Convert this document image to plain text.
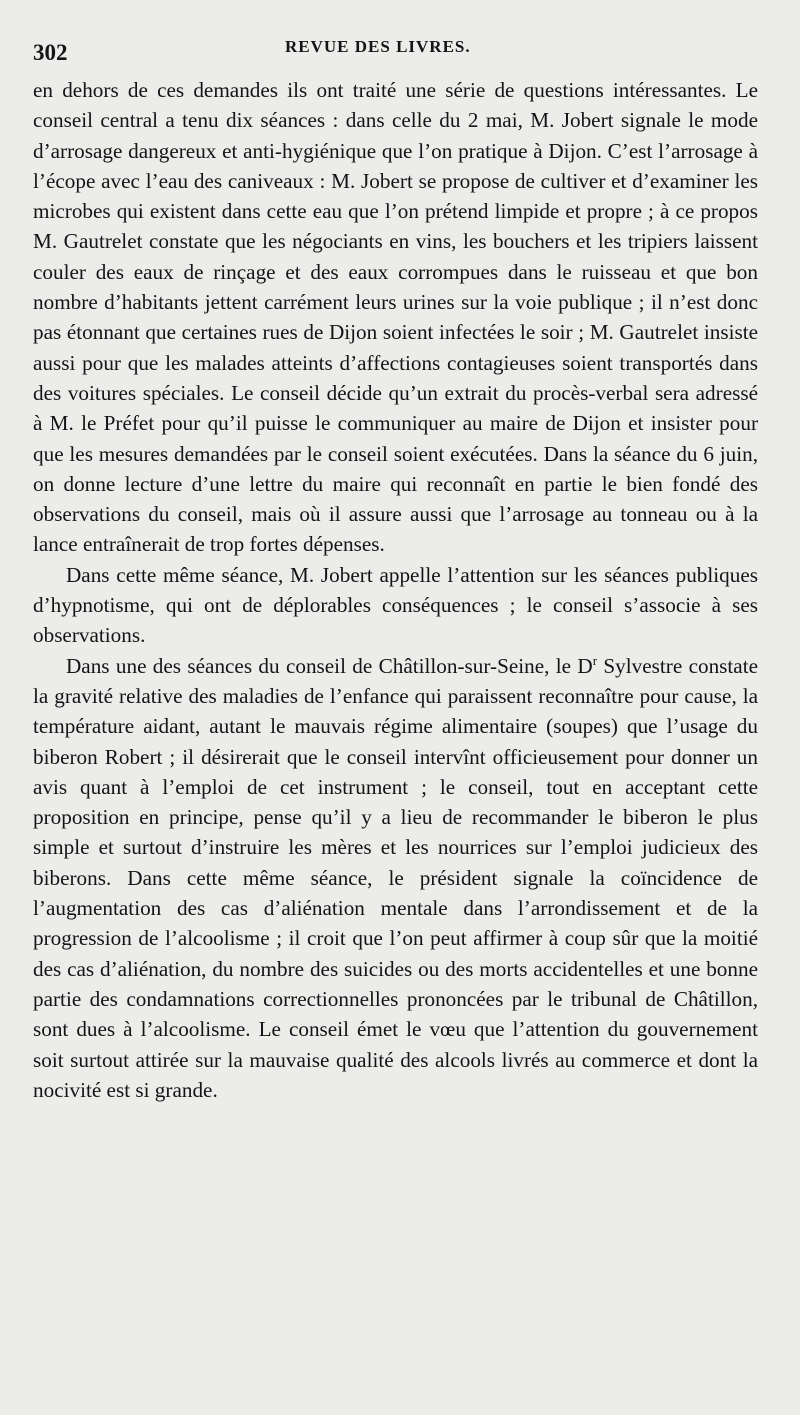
302	REVUE DES LIVRES.

en dehors de ces demandes ils ont traité une série de questions intéressantes. Le conseil central a tenu dix séances : dans celle du 2 mai, M. Jobert signale le mode d’arrosage dangereux et anti-hygiénique que l’on pratique à Dijon. C’est l’arrosage à l’écope avec l’eau des caniveaux : M. Jobert se propose de cultiver et d’examiner les microbes qui existent dans cette eau que l’on prétend limpide et propre ; à ce propos M. Gautrelet constate que les négociants en vins, les bouchers et les tripiers laissent couler des eaux de rinçage et des eaux corrompues dans le ruisseau et que bon nombre d’habitants jettent carrément leurs urines sur la voie publique ; il n’est donc pas étonnant que certaines rues de Dijon soient infectées le soir ; M. Gautrelet insiste aussi pour que les malades atteints d’affections contagieuses soient transportés dans des voitures spéciales. Le conseil décide qu’un extrait du procès-verbal sera adressé à M. le Préfet pour qu’il puisse le communiquer au maire de Dijon et insister pour que les mesures demandées par le conseil soient exécutées. Dans la séance du 6 juin, on donne lecture d’une lettre du maire qui reconnaît en partie le bien fondé des observations du conseil, mais où il assure aussi que l’arrosage au tonneau ou à la lance entraînerait de trop fortes dépenses.

Dans cette même séance, M. Jobert appelle l’attention sur les séances publiques d’hypnotisme, qui ont de déplorables conséquences ; le conseil s’associe à ses observations.

Dans une des séances du conseil de Châtillon-sur-Seine, le $D^r$ Sylvestre constate la gravité relative des maladies de l’enfance qui paraissent reconnaître pour cause, la température aidant, autant le mauvais régime alimentaire (soupes) que l’usage du biberon Robert ; il désirerait que le conseil intervînt officieusement pour donner un avis quant à l’emploi de cet instrument ; le conseil, tout en acceptant cette proposition en principe, pense qu’il y a lieu de recommander le biberon le plus simple et surtout d’instruire les mères et les nourrices sur l’emploi judicieux des biberons. Dans cette même séance, le président signale la coïncidence de l’augmentation des cas d’aliénation mentale dans l’arrondissement et de la progression de l’alcoolisme ; il croit que l’on peut affirmer à coup sûr que la moitié des cas d’aliénation, du nombre des suicides ou des morts accidentelles et une bonne partie des condamnations correctionnelles prononcées par le tribunal de Châtillon, sont dues à l’alcoolisme. Le conseil émet le vœu que l’attention du gouvernement soit surtout attirée sur la mauvaise qualité des alcools livrés au commerce et dont la nocivité est si grande.
